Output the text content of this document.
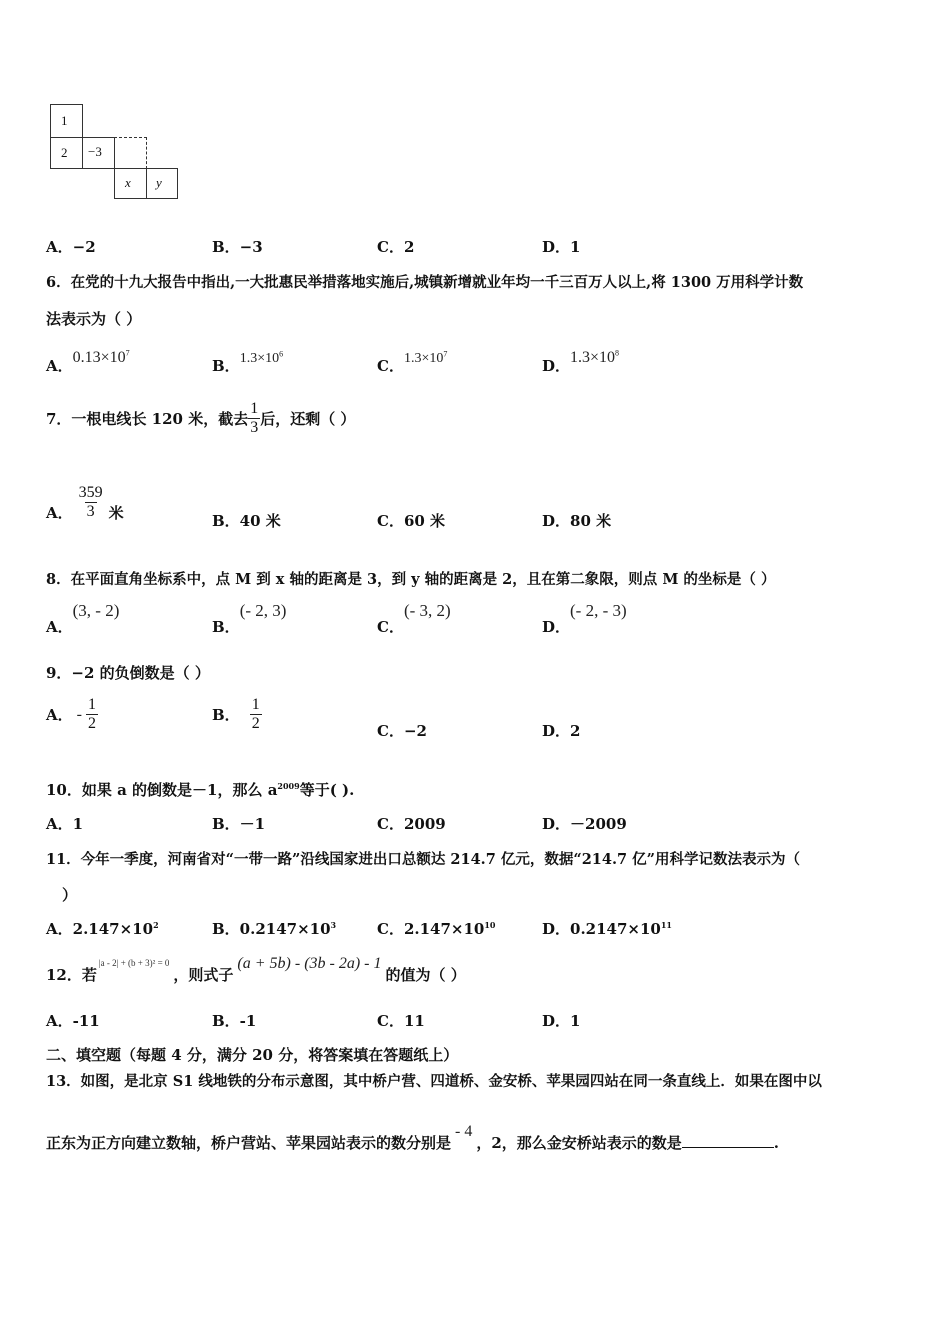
1
2 −3
x y
A．−2	B．−3	C．2	D．1
6．在党的十九大报告中指出,一大批惠民举措落地实施后,城镇新增就业年均一千三百万人以上,将 1300 万用科学计数
法表示为（ ）
A．$0.13\times 10^7$
B．$1.3\times 10^6$
C．$1.3\times 10^7$
D．$1.3\times 10^8$
7．一根电线长 120 米，截去 $\frac{1}{3}$ 后，还剩（ ）
A． $\frac{359}{3}$ 米	B．40 米	C．60 米	D．80 米
8．在平面直角坐标系中，点 M 到 x 轴的距离是 3，到 y 轴的距离是 2，且在第二象限，则点 M 的坐标是（ ）
A．(3, - 2)
B．(- 2, 3)
C．(- 3, 2)
D．(- 2, - 3)
9．−2 的负倒数是（ ）
A． - $\frac{1}{2}$	B． $\frac{1}{2}$	C．−2	D．2
10．如果 a 的倒数是－1，那么 $a^{2009}$等于( ).
A．1	B．－1	C．2009	D．－2009
11．今年一季度，河南省对“一带一路”沿线国家进出口总额达 214.7 亿元，数据“214.7 亿”用科学记数法表示为（
）
A．$2.147\times 10^2$	B．$0.2147\times 10^3$	C．$2.147\times 10^{10}$	D．$0.2147\times 10^{11}$
12．若|a - 2| + (b + 3)² = 0，则式子(a + 5b) - (3b - 2a) - 1的值为（ ）
A．-11	B．-1	C．11	D．1
二、填空题（每题 4 分，满分 20 分，将答案填在答题纸上）
13．如图，是北京 S1 线地铁的分布示意图，其中桥户营、四道桥、金安桥、苹果园四站在同一条直线上．如果在图中以
正东为正方向建立数轴，桥户营站、苹果园站表示的数分别是- 4，2，那么金安桥站表示的数是	.
